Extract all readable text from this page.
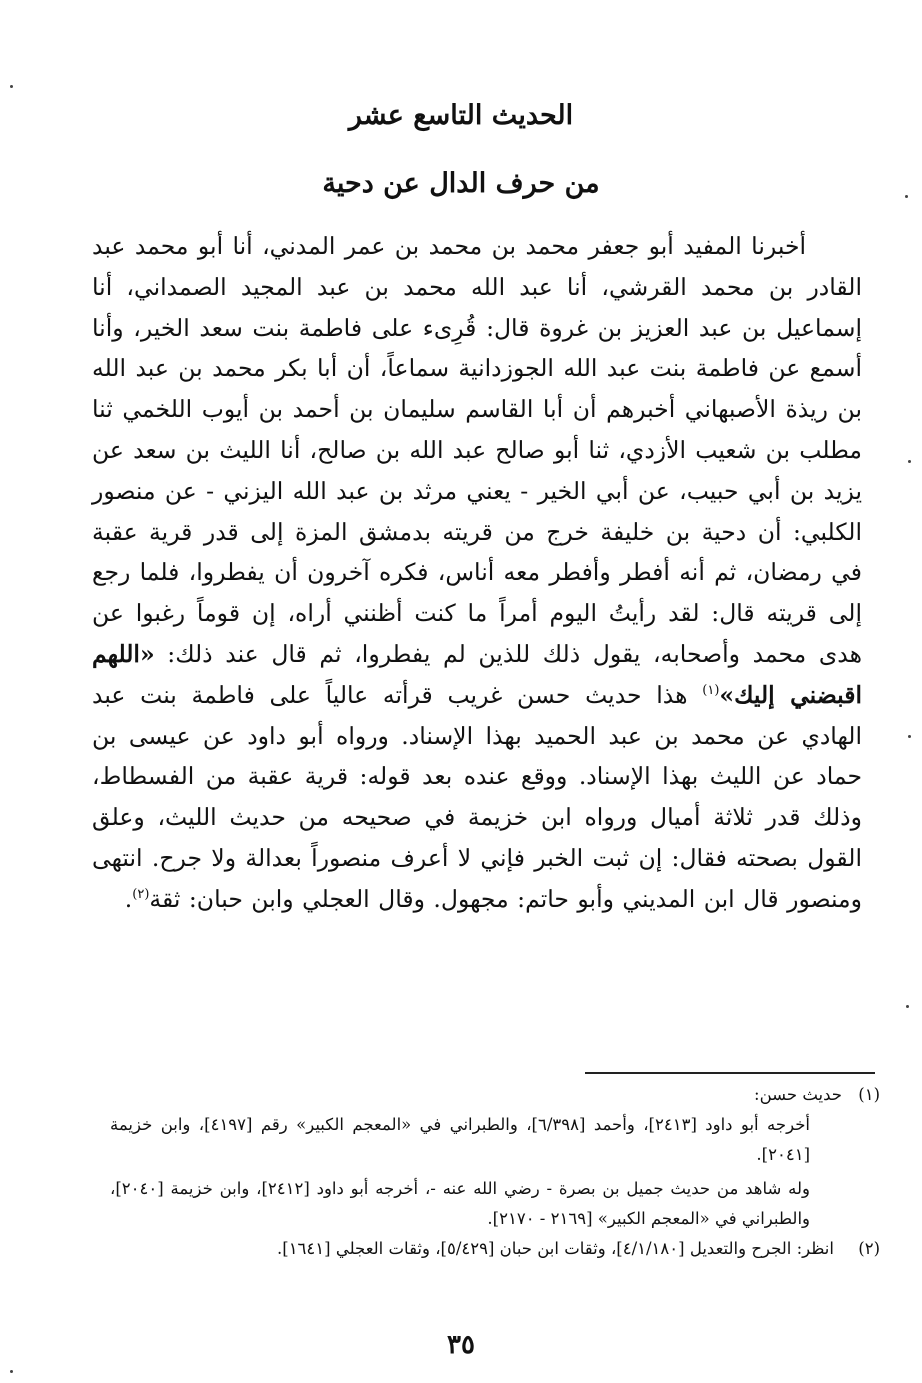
الحديث التاسع عشر
من حرف الدال عن دحية

أخبرنا المفيد أبو جعفر محمد بن محمد بن عمر المدني، أنا أبو محمد عبد القادر بن محمد القرشي، أنا عبد الله محمد بن عبد المجيد الصمداني، أنا إسماعيل بن عبد العزيز بن غروة قال: قُرِىء على فاطمة بنت سعد الخير، وأنا أسمع عن فاطمة بنت عبد الله الجوزدانية سماعاً، أن أبا بكر محمد بن عبد الله بن ريذة الأصبهاني أخبرهم أن أبا القاسم سليمان بن أحمد بن أيوب اللخمي ثنا مطلب بن شعيب الأزدي، ثنا أبو صالح عبد الله بن صالح، أنا الليث بن سعد عن يزيد بن أبي حبيب، عن أبي الخير - يعني مرثد بن عبد الله اليزني - عن منصور الكلبي: أن دحية بن خليفة خرج من قريته بدمشق المزة إلى قدر قرية عقبة في رمضان، ثم أنه أفطر وأفطر معه أناس، فكره آخرون أن يفطروا، فلما رجع إلى قريته قال: لقد رأيتُ اليوم أمراً ما كنت أظنني أراه، إن قوماً رغبوا عن هدى محمد وأصحابه، يقول ذلك للذين لم يفطروا، ثم قال عند ذلك: «اللهم اقبضني إليك»$^{(١)}$ هذا حديث حسن غريب قرأته عالياً على فاطمة بنت عبد الهادي عن محمد بن عبد الحميد بهذا الإسناد. ورواه أبو داود عن عيسى بن حماد عن الليث بهذا الإسناد. ووقع عنده بعد قوله: قرية عقبة من الفسطاط، وذلك قدر ثلاثة أميال ورواه ابن خزيمة في صحيحه من حديث الليث، وعلق القول بصحته فقال: إن ثبت الخبر فإني لا أعرف منصوراً بعدالة ولا جرح. انتهى ومنصور قال ابن المديني وأبو حاتم: مجهول. وقال العجلي وابن حبان: ثقة$^{(٢)}$.

(١)

حديث حسن:

أخرجه أبو داود [٢٤١٣]، وأحمد [٦/٣٩٨]، والطبراني في «المعجم الكبير» رقم [٤١٩٧]، وابن خزيمة [٢٠٤١].

وله شاهد من حديث جميل بن بصرة - رضي الله عنه -، أخرجه أبو داود [٢٤١٢]، وابن خزيمة [٢٠٤٠]، والطبراني في «المعجم الكبير» [٢١٦٩ - ٢١٧٠].

(٢)

انظر: الجرح والتعديل [٤/١/١٨٠]، وثقات ابن حبان [٥/٤٢٩]، وثقات العجلي [١٦٤١].

٣٥
